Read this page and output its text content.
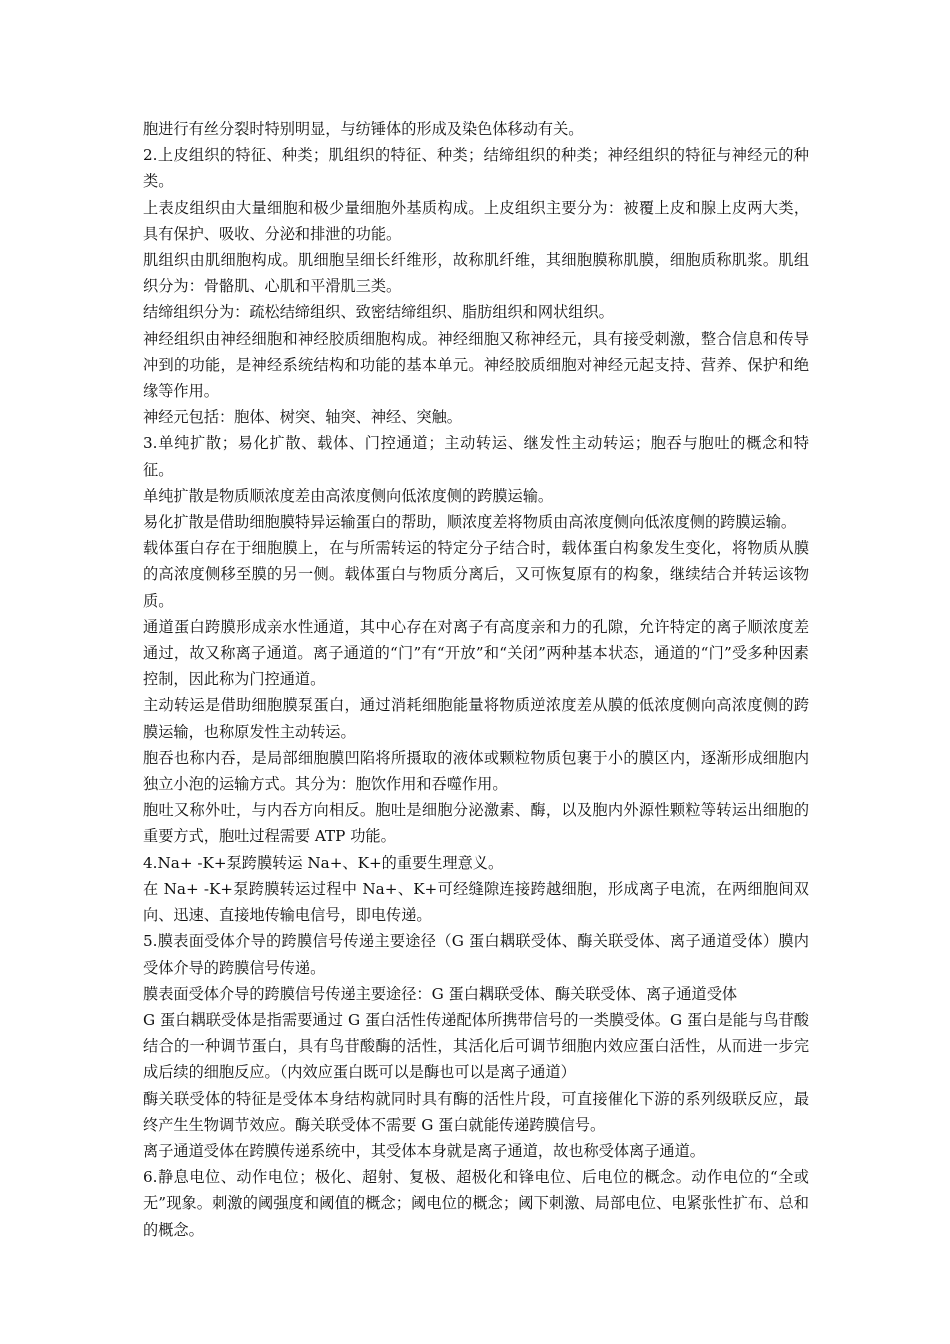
胞进行有丝分裂时特别明显，与纺锤体的形成及染色体移动有关。

2.上皮组织的特征、种类；肌组织的特征、种类；结缔组织的种类；神经组织的特征与神经元的种类。

上表皮组织由大量细胞和极少量细胞外基质构成。上皮组织主要分为：被覆上皮和腺上皮两大类，具有保护、吸收、分泌和排泄的功能。

肌组织由肌细胞构成。肌细胞呈细长纤维形，故称肌纤维，其细胞膜称肌膜，细胞质称肌浆。肌组织分为：骨骼肌、心肌和平滑肌三类。

结缔组织分为：疏松结缔组织、致密结缔组织、脂肪组织和网状组织。

神经组织由神经细胞和神经胶质细胞构成。神经细胞又称神经元，具有接受刺激，整合信息和传导冲到的功能，是神经系统结构和功能的基本单元。神经胶质细胞对神经元起支持、营养、保护和绝缘等作用。

神经元包括：胞体、树突、轴突、神经、突触。

3.单纯扩散；易化扩散、载体、门控通道；主动转运、继发性主动转运；胞吞与胞吐的概念和特征。

单纯扩散是物质顺浓度差由高浓度侧向低浓度侧的跨膜运输。

易化扩散是借助细胞膜特异运输蛋白的帮助，顺浓度差将物质由高浓度侧向低浓度侧的跨膜运输。

载体蛋白存在于细胞膜上，在与所需转运的特定分子结合时，载体蛋白构象发生变化，将物质从膜的高浓度侧移至膜的另一侧。载体蛋白与物质分离后，又可恢复原有的构象，继续结合并转运该物质。

通道蛋白跨膜形成亲水性通道，其中心存在对离子有高度亲和力的孔隙，允许特定的离子顺浓度差通过，故又称离子通道。离子通道的“门”有“开放”和“关闭”两种基本状态，通道的“门”受多种因素控制，因此称为门控通道。

主动转运是借助细胞膜泵蛋白，通过消耗细胞能量将物质逆浓度差从膜的低浓度侧向高浓度侧的跨膜运输，也称原发性主动转运。

胞吞也称内吞，是局部细胞膜凹陷将所摄取的液体或颗粒物质包裹于小的膜区内，逐渐形成细胞内独立小泡的运输方式。其分为：胞饮作用和吞噬作用。

胞吐又称外吐，与内吞方向相反。胞吐是细胞分泌激素、酶，以及胞内外源性颗粒等转运出细胞的重要方式，胞吐过程需要 ATP 功能。

4.Na+ -K+泵跨膜转运 Na+、K+的重要生理意义。

在 Na+ -K+泵跨膜转运过程中 Na+、K+可经缝隙连接跨越细胞，形成离子电流，在两细胞间双向、迅速、直接地传输电信号，即电传递。

5.膜表面受体介导的跨膜信号传递主要途径（G 蛋白耦联受体、酶关联受体、离子通道受体）膜内受体介导的跨膜信号传递。

膜表面受体介导的跨膜信号传递主要途径：G 蛋白耦联受体、酶关联受体、离子通道受体

G 蛋白耦联受体是指需要通过 G 蛋白活性传递配体所携带信号的一类膜受体。G 蛋白是能与鸟苷酸结合的一种调节蛋白，具有鸟苷酸酶的活性，其活化后可调节细胞内效应蛋白活性，从而进一步完成后续的细胞反应。（内效应蛋白既可以是酶也可以是离子通道）

酶关联受体的特征是受体本身结构就同时具有酶的活性片段，可直接催化下游的系列级联反应，最终产生生物调节效应。酶关联受体不需要 G 蛋白就能传递跨膜信号。

离子通道受体在跨膜传递系统中，其受体本身就是离子通道，故也称受体离子通道。

6.静息电位、动作电位；极化、超射、复极、超极化和锋电位、后电位的概念。动作电位的“全或无”现象。刺激的阈强度和阈值的概念；阈电位的概念；阈下刺激、局部电位、电紧张性扩布、总和的概念。
